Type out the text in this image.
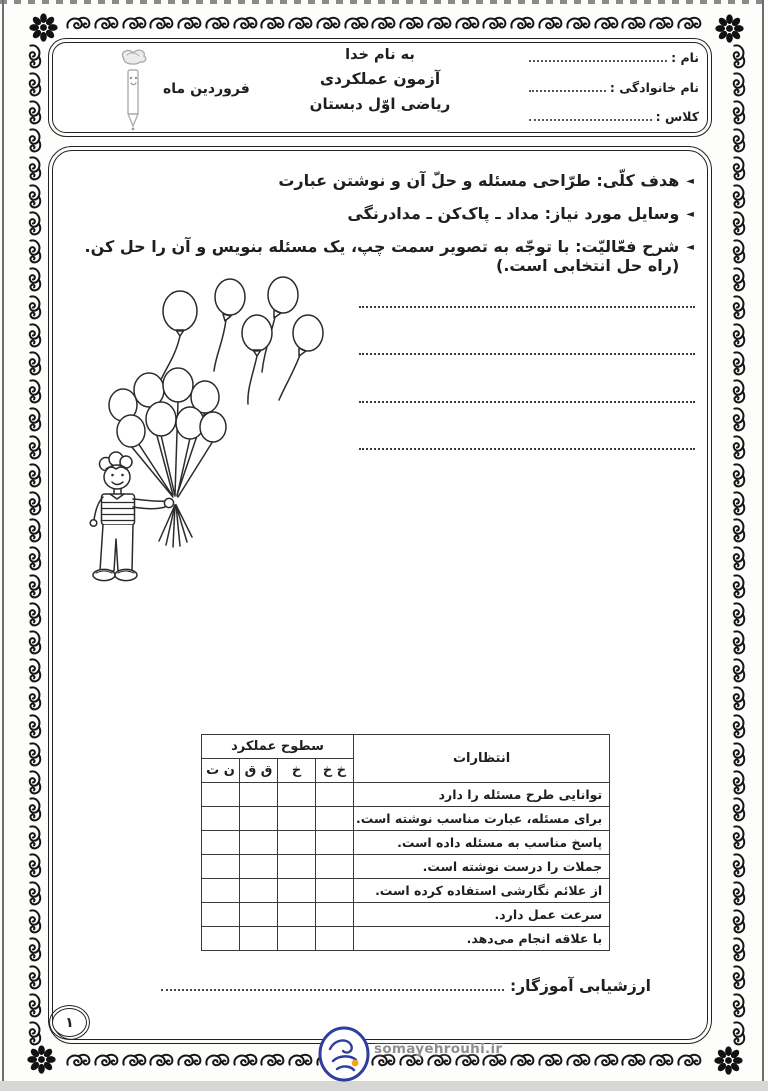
نام :
نام خانوادگی :
کلاس :
به نام خدا
آزمون عملکردی
ریاضی اوّل دبستان
فروردین ماه
◄
هدف کلّی: طرّاحی مسئله و حلّ آن و نوشتن عبارت
◄
وسایل مورد نیاز: مداد ـ پاک‌کن ـ مدادرنگی
◄
شرح فعّالیّت: با توجّه به تصویر سمت چپ، یک مسئله بنویس و آن را حل کن. (راه حل انتخابی است.)
انتظارات	سطوح عملکرد			
	خ خ	خ	ق ق	ن ت
توانایی طرح مسئله را دارد				
برای مسئله، عبارت مناسب نوشته است.				
پاسخ مناسب به مسئله داده است.				
جملات را درست نوشته است.				
از علائم نگارشی استفاده کرده است.				
سرعت عمل دارد.				
با علاقه انجام می‌دهد.				
ارزشیابی آموزگار:
۱
somayehrouhi.ir
